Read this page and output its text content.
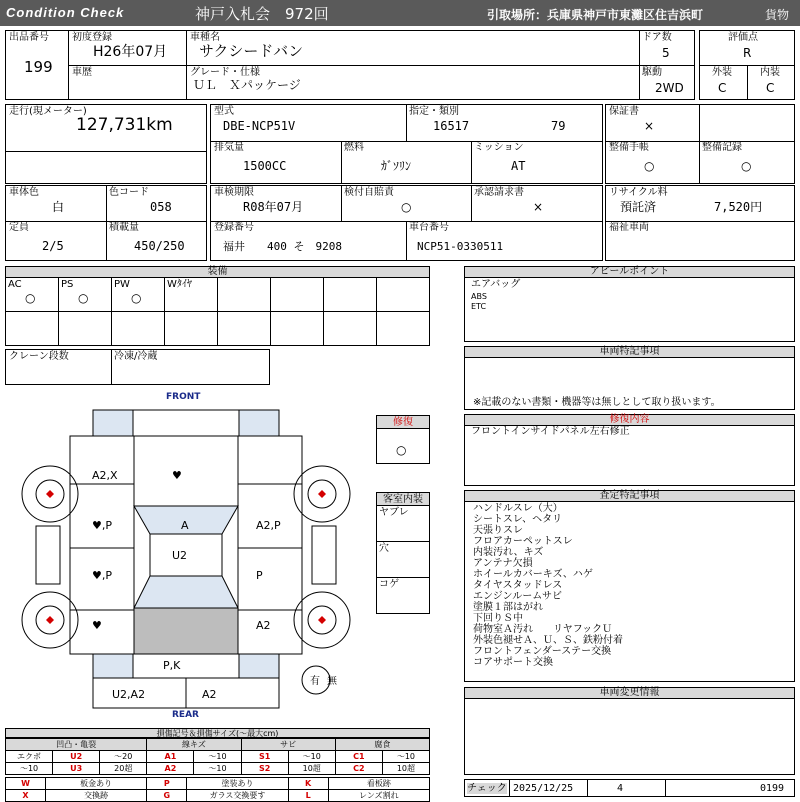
Condition Check	神戸入札会　972回	引取場所：兵庫県神戸市東灘区住吉浜町	貨物
出品番号
199
初度登録
H26年07月
車歴
車種名
サクシードバン
グレード・仕様
ＵＬ　Ｘパッケージ
ドア数
5
駆動
2WD
評価点
R
外装
C
内装
C
走行(現メーター)
127,731km
型式
DBE-NCP51V
指定・類別
16517	79
排気量
1500CC
燃料
ｶﾞｿﾘﾝ
ミッション
AT
保証書
×
整備手帳
○
整備記録
○
車体色
白
色コード
058
定員
2/5
積載量
450/250
車検期限
R08年07月
検付自賠責
○
承認請求書
×
登録番号
福井　　400 そ　9208
車台番号
NCP51-0330511
リサイクル料
預託済	7,520円
福祉車両
装備
AC
○
PS
○
PW
○
Wﾀｲﾔ
クレーン段数	冷凍/冷蔵
アピールポイント
エアバッグ
ABS
ETC
車両特記事項
※記載のない書類・機器等は無しとして取り扱います。
修復内容
フロントインサイドパネル左右修正
査定特記事項
ハンドルスレ（大）
シートスレ、ヘタリ
天張りスレ
フロアカーペットスレ
内装汚れ、キズ
アンテナ欠損
ホイールカバーキズ、ハゲ
タイヤスタッドレス
エンジンルームサビ
塗膜１部はがれ
下回りＳ中
荷物室Ａ汚れ　　リヤフックＵ
外装色褪せＡ、Ｕ、Ｓ、鉄粉付着
フロントフェンダーステー交換
コアサポート交換
車両変更情報
修復
○
客室内装
ヤブレ
穴
コゲ
FRONT
A2,X	♥
♥,P	A2,P
A
U2
♥,P	P
♥	A2
P,K
U2,A2	A2
有 無
REAR
損傷記号＆損傷サイズ(〜最大cm)
凹凸・亀裂			線キズ		サビ		腐食	
エクボ	U2	〜20	A1	〜10	S1	〜10	C1	〜10
〜10	U3	20超	A2	〜10	S2	10超	C2	10超
W	板金あり	P	塗装あり	K	看板跡
X	交換跡	G	ガラス交換要す	L	レンズ割れ
チェック 2025/12/25	4	0199
